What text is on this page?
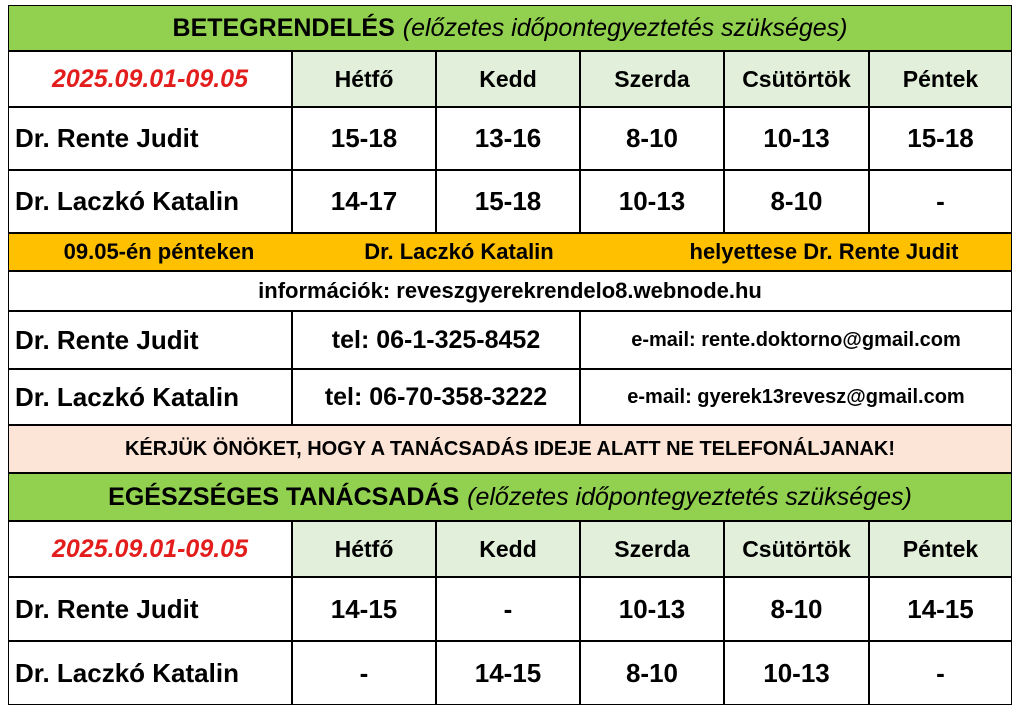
BETEGRENDELÉS (előzetes időpontegyeztetés szükséges)
2025.09.01-09.05	Hétfő	Kedd	Szerda	Csütörtök	Péntek
Dr. Rente Judit	15-18	13-16	8-10	10-13	15-18
Dr. Laczkó Katalin	14-17	15-18	10-13	8-10	-
09.05-én pénteken	Dr. Laczkó Katalin	helyettese Dr. Rente Judit
információk: reveszgyerekrendelo8.webnode.hu
Dr. Rente Judit	tel: 06-1-325-8452	e-mail: rente.doktorno@gmail.com
Dr. Laczkó Katalin	tel: 06-70-358-3222	e-mail: gyerek13revesz@gmail.com
KÉRJÜK ÖNÖKET, HOGY A TANÁCSADÁS IDEJE ALATT NE TELEFONÁLJANAK!
EGÉSZSÉGES TANÁCSADÁS (előzetes időpontegyeztetés szükséges)
2025.09.01-09.05	Hétfő	Kedd	Szerda	Csütörtök	Péntek
Dr. Rente Judit	14-15	-	10-13	8-10	14-15
Dr. Laczkó Katalin	-	14-15	8-10	10-13	-
